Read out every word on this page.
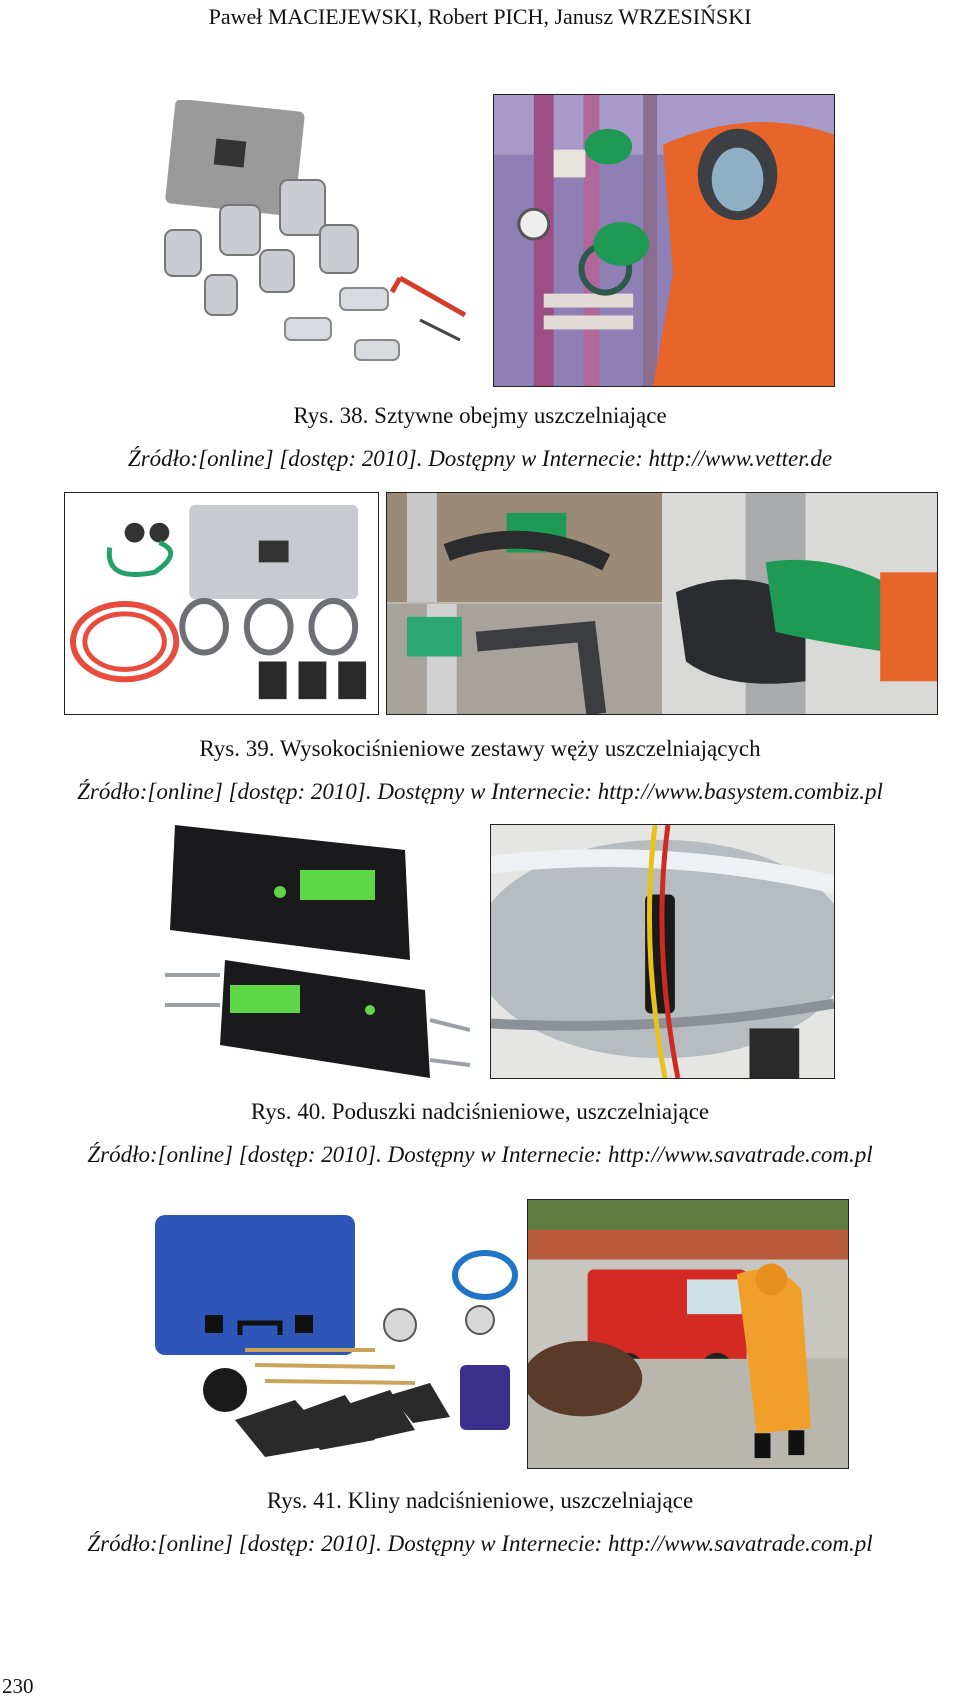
Paweł MACIEJEWSKI, Robert PICH, Janusz WRZESIŃSKI
Rys. 38. Sztywne obejmy uszczelniające
Źródło:[online] [dostęp: 2010]. Dostępny w Internecie: http://www.vetter.de
Rys. 39. Wysokociśnieniowe zestawy węży uszczelniających
Źródło:[online] [dostęp: 2010]. Dostępny w Internecie: http://www.basystem.combiz.pl
Rys. 40. Poduszki nadciśnieniowe, uszczelniające
Źródło:[online] [dostęp: 2010]. Dostępny w Internecie: http://www.savatrade.com.pl
Rys. 41. Kliny nadciśnieniowe, uszczelniające
Źródło:[online] [dostęp: 2010]. Dostępny w Internecie: http://www.savatrade.com.pl
230
